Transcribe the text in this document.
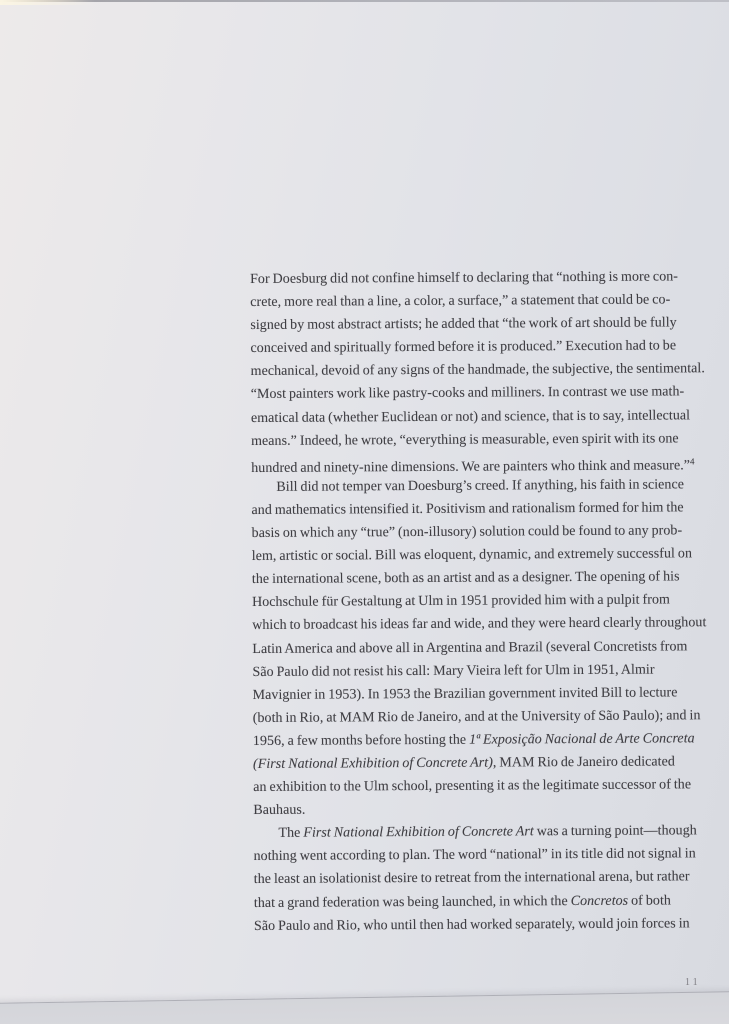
For Doesburg did not confine himself to declaring that “nothing is more con-
crete, more real than a line, a color, a surface,” a statement that could be co-
signed by most abstract artists; he added that “the work of art should be fully
conceived and spiritually formed before it is produced.” Execution had to be
mechanical, devoid of any signs of the handmade, the subjective, the sentimental.
“Most painters work like pastry-cooks and milliners. In contrast we use math-
ematical data (whether Euclidean or not) and science, that is to say, intellectual
means.” Indeed, he wrote, “everything is measurable, even spirit with its one
hundred and ninety-nine dimensions. We are painters who think and measure.”$^4$
Bill did not temper van Doesburg’s creed. If anything, his faith in science
and mathematics intensified it. Positivism and rationalism formed for him the
basis on which any “true” (non-illusory) solution could be found to any prob-
lem, artistic or social. Bill was eloquent, dynamic, and extremely successful on
the international scene, both as an artist and as a designer. The opening of his
Hochschule für Gestaltung at Ulm in 1951 provided him with a pulpit from
which to broadcast his ideas far and wide, and they were heard clearly throughout
Latin America and above all in Argentina and Brazil (several Concretists from
São Paulo did not resist his call: Mary Vieira left for Ulm in 1951, Almir
Mavignier in 1953). In 1953 the Brazilian government invited Bill to lecture
(both in Rio, at MAM Rio de Janeiro, and at the University of São Paulo); and in
1956, a few months before hosting the 1ª Exposição Nacional de Arte Concreta
(First National Exhibition of Concrete Art), MAM Rio de Janeiro dedicated
an exhibition to the Ulm school, presenting it as the legitimate successor of the
Bauhaus.
The First National Exhibition of Concrete Art was a turning point—though
nothing went according to plan. The word “national” in its title did not signal in
the least an isolationist desire to retreat from the international arena, but rather
that a grand federation was being launched, in which the Concretos of both
São Paulo and Rio, who until then had worked separately, would join forces in
11
